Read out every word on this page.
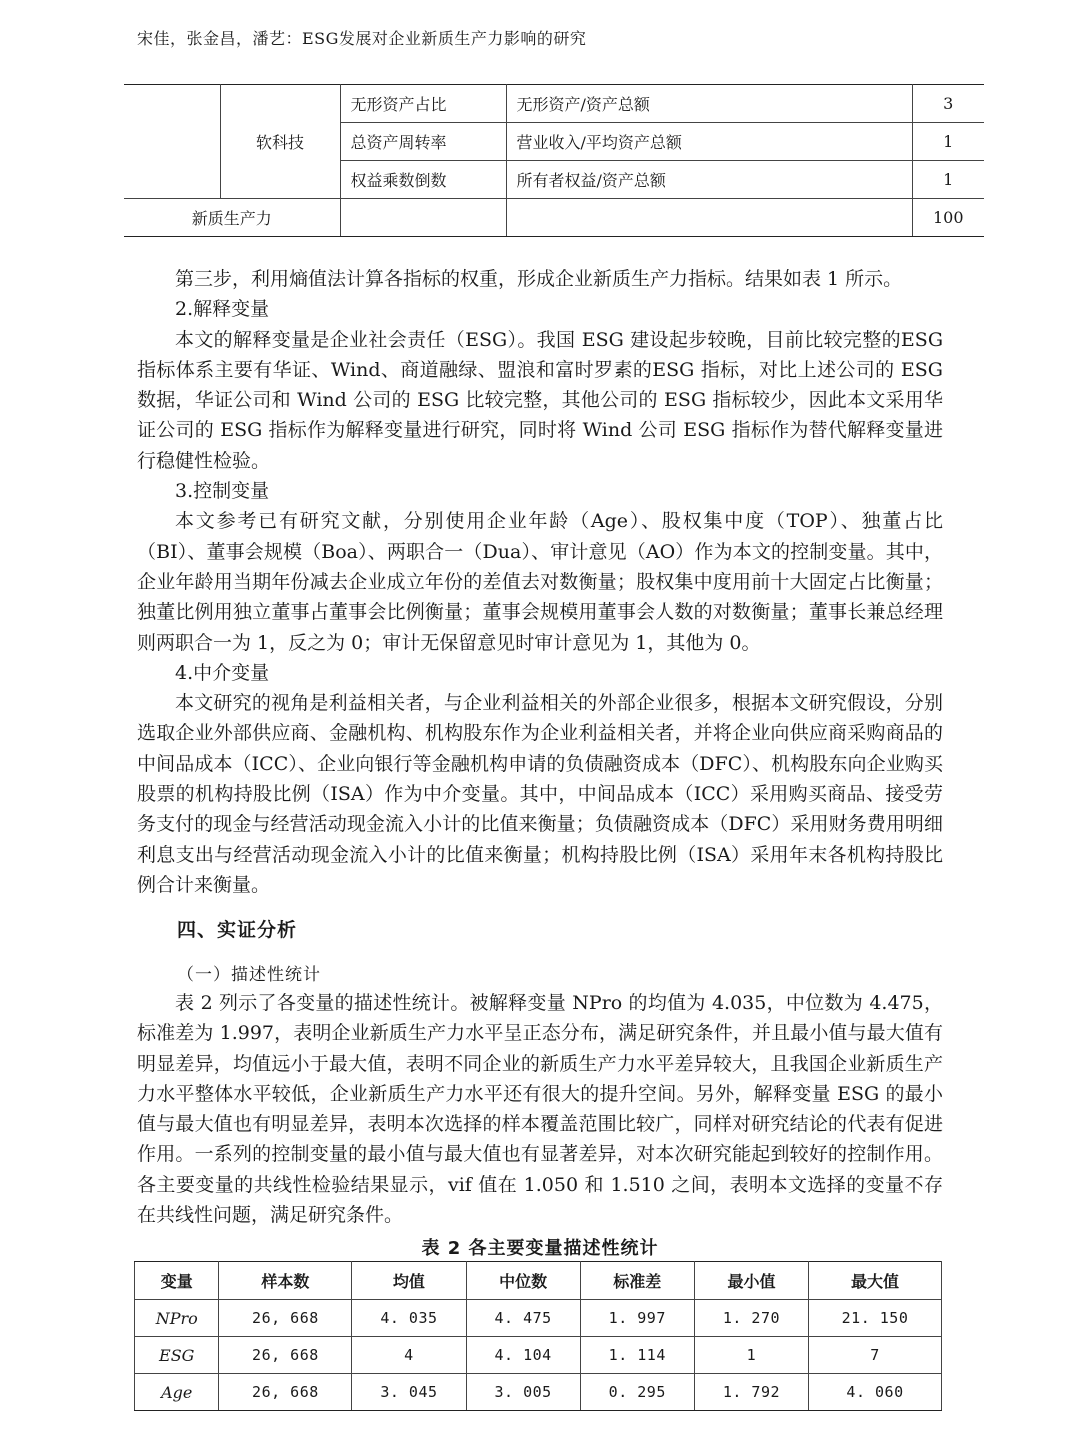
宋佳，张金昌，潘艺：ESG发展对企业新质生产力影响的研究
	软科技	无形资产占比	无形资产/资产总额	3
		总资产周转率	营业收入/平均资产总额	1
		权益乘数倒数	所有者权益/资产总额	1
新质生产力				100

第三步，利用熵值法计算各指标的权重，形成企业新质生产力指标。结果如表 1 所示。

2.解释变量

本文的解释变量是企业社会责任（ESG）。我国 ESG 建设起步较晚，目前比较完整的ESG 指标体系主要有华证、Wind、商道融绿、盟浪和富时罗素的ESG 指标，对比上述公司的 ESG 数据，华证公司和 Wind 公司的 ESG 比较完整，其他公司的 ESG 指标较少，因此本文采用华证公司的 ESG 指标作为解释变量进行研究，同时将 Wind 公司 ESG 指标作为替代解释变量进行稳健性检验。

3.控制变量

本文参考已有研究文献，分别使用企业年龄（Age）、股权集中度（TOP）、独董占比（BI）、董事会规模（Boa）、两职合一（Dua）、审计意见（AO）作为本文的控制变量。其中，企业年龄用当期年份减去企业成立年份的差值去对数衡量；股权集中度用前十大固定占比衡量；独董比例用独立董事占董事会比例衡量；董事会规模用董事会人数的对数衡量；董事长兼总经理则两职合一为 1，反之为 0；审计无保留意见时审计意见为 1，其他为 0。

4.中介变量

本文研究的视角是利益相关者，与企业利益相关的外部企业很多，根据本文研究假设，分别选取企业外部供应商、金融机构、机构股东作为企业利益相关者，并将企业向供应商采购商品的中间品成本（ICC）、企业向银行等金融机构申请的负债融资成本（DFC）、机构股东向企业购买股票的机构持股比例（ISA）作为中介变量。其中，中间品成本（ICC）采用购买商品、接受劳务支付的现金与经营活动现金流入小计的比值来衡量；负债融资成本（DFC）采用财务费用明细利息支出与经营活动现金流入小计的比值来衡量；机构持股比例（ISA）采用年末各机构持股比例合计来衡量。

四、实证分析
（一）描述性统计

表 2 列示了各变量的描述性统计。被解释变量 NPro 的均值为 4.035，中位数为 4.475，标准差为 1.997，表明企业新质生产力水平呈正态分布，满足研究条件，并且最小值与最大值有明显差异，均值远小于最大值，表明不同企业的新质生产力水平差异较大，且我国企业新质生产力水平整体水平较低，企业新质生产力水平还有很大的提升空间。另外，解释变量 ESG 的最小值与最大值也有明显差异，表明本次选择的样本覆盖范围比较广，同样对研究结论的代表有促进作用。一系列的控制变量的最小值与最大值也有显著差异，对本次研究能起到较好的控制作用。各主要变量的共线性检验结果显示，vif 值在 1.050 和 1.510 之间，表明本文选择的变量不存在共线性问题，满足研究条件。

表 2 各主要变量描述性统计
变量	样本数	均值	中位数	标准差	最小值	最大值
NPro	26, 668	4. 035	4. 475	1. 997	1. 270	21. 150
ESG	26, 668	4	4. 104	1. 114	1	7
Age	26, 668	3. 045	3. 005	0. 295	1. 792	4. 060
